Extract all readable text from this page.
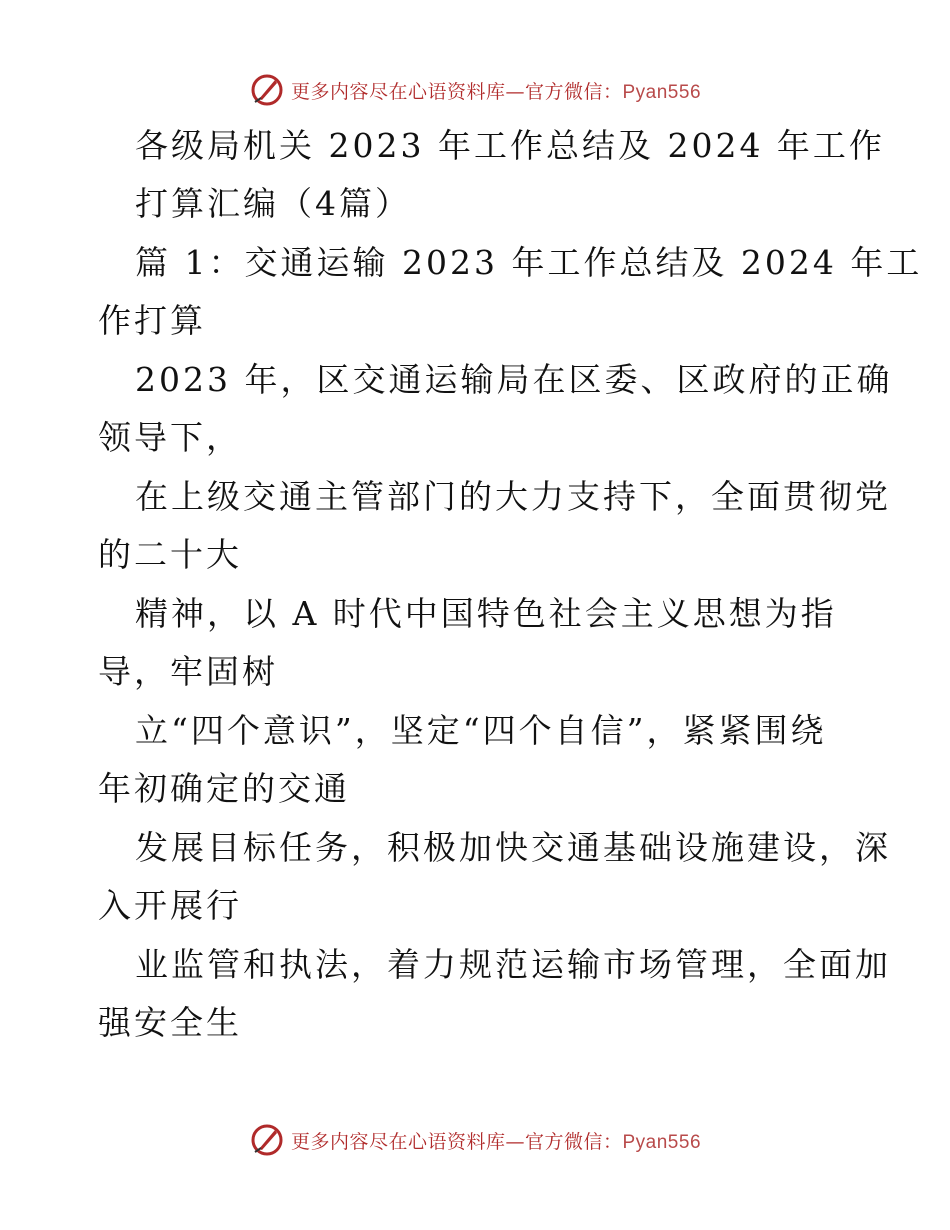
更多内容尽在心语资料库—官方微信：Pyan556
各级局机关 2023 年工作总结及 2024 年工作
打算汇编（4篇）
篇 1：交通运输 2023 年工作总结及 2024 年工
作打算
2023 年，区交通运输局在区委、区政府的正确
领导下，
在上级交通主管部门的大力支持下，全面贯彻党
的二十大
精神，以 A 时代中国特色社会主义思想为指
导，牢固树
立“四个意识”，坚定“四个自信”，紧紧围绕
年初确定的交通
发展目标任务，积极加快交通基础设施建设，深
入开展行
业监管和执法，着力规范运输市场管理，全面加
强安全生
更多内容尽在心语资料库—官方微信：Pyan556
